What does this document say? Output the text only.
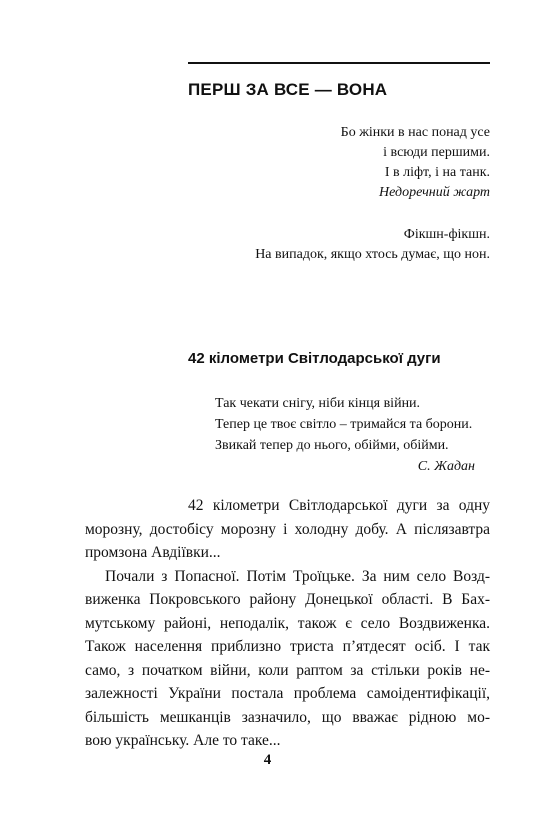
ПЕРШ ЗА ВСЕ — ВОНА
Бо жінки в нас понад усе
і всюди першими.
І в ліфт, і на танк.
Недоречний жарт
Фікшн-фікшн.
На випадок, якщо хтось думає, що нон.
42 кілометри Світлодарської дуги
Так чекати снігу, ніби кінця війни.
Тепер це твоє світло – тримайся та борони.
Звикай тепер до нього, обійми, обійми.
С. Жадан
42 кілометри Світлодарської дуги за одну
морозну, достобісу морозну і холодну добу. А післязавтра
промзона Авдіївки...
Почали з Попасної. Потім Троїцьке. За ним село Возд-
виженка Покровського району Донецької області. В Бах-
мутському районі, неподалік, також є село Воздвиженка.
Також населення приблизно триста п’ятдесят осіб. І так
само, з початком війни, коли раптом за стільки років не-
залежності України постала проблема самоідентифікації,
більшість мешканців зазначило, що вважає рідною мо-
вою українську. Але то таке...
4
